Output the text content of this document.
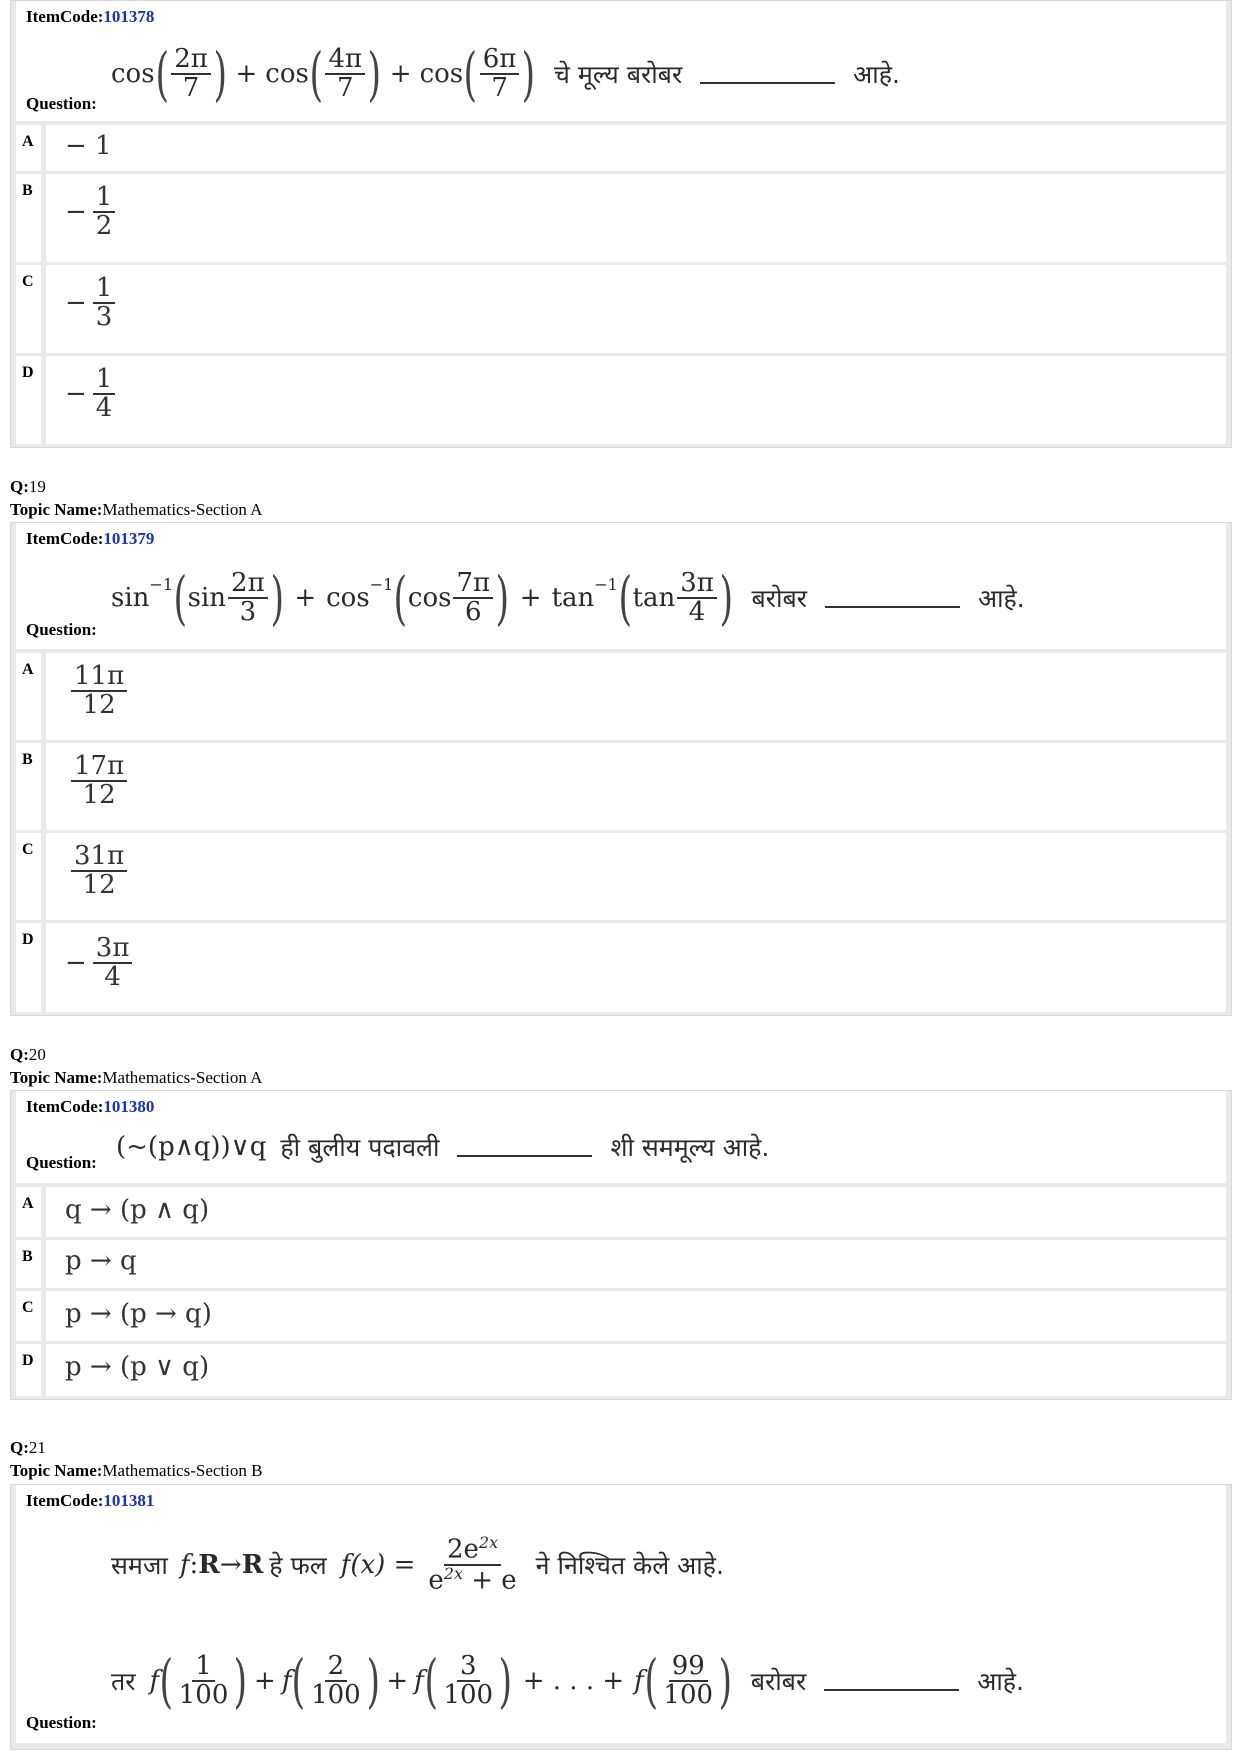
ItemCode:101378
cos ( $\frac{2\pi}{7}$ ) + cos ( $\frac{4\pi}{7}$ ) + cos ( $\frac{6\pi}{7}$ ) चे मूल्य बरोबर	आहे.
Question:
A	− 1
B
− $\frac{1}{2}$
C
− $\frac{1}{3}$
D
− $\frac{1}{4}$
Q:19
Topic Name:Mathematics-Section A
ItemCode:101379
sin −1 ( $\sin \frac{2\pi}{3}$ ) + cos −1 ( $\cos \frac{7\pi}{6}$ ) + tan −1 ( $\tan \frac{3\pi}{4}$ ) बरोबर	आहे.
Question:
A	$\frac{11\pi}{12}$
B	$\frac{17\pi}{12}$
C	$\frac{31\pi}{12}$
D
− $\frac{3\pi}{4}$
Q:20
Topic Name:Mathematics-Section A
ItemCode:101380
Question:
(~(p∧q))∨q ही बुलीय पदावली	शी सममूल्य आहे.
A	q → (p ∧ q)
B	p → q
C	p → (p → q)
D	p → (p ∨ q)
Q:21
Topic Name:Mathematics-Section B
ItemCode:101381
समजा f : R → R हे फल $f(x) = \frac{2e^{2x}}{e^{2x} + e}$ ने निश्चित केले आहे.
तर f ( $\frac{1}{100}$ ) + f ( $\frac{2}{100}$ ) + f ( $\frac{3}{100}$ ) + . . . + f ( $\frac{99}{100}$ ) बरोबर	आहे.
Question:
